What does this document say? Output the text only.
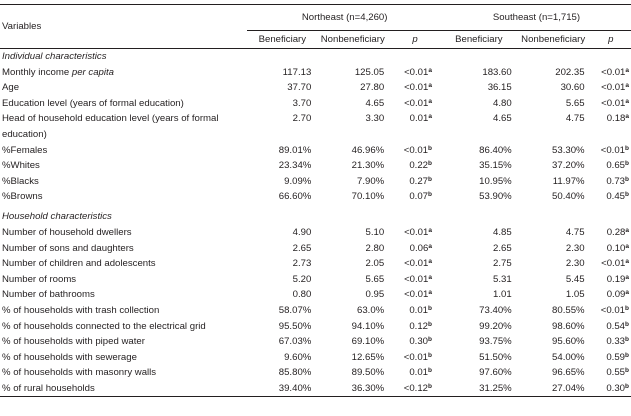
Variables	Northeast (n=4,260)			Southeast (n=1,715)		
	Beneficiary	Nonbeneficiary	p	Beneficiary	Nonbeneficiary	p
Individual characteristics						
Monthly income per capita	117.13	125.05	<0.01$^a$	183.60	202.35	<0.01$^a$
Age	37.70	27.80	<0.01$^a$	36.15	30.60	<0.01$^a$
Education level (years of formal education)	3.70	4.65	<0.01$^a$	4.80	5.65	<0.01$^a$
Head of household education level (years of formal
education)	2.70	3.30	0.01$^a$	4.65	4.75	0.18$^a$
%Females	89.01%	46.96%	<0.01$^b$	86.40%	53.30%	<0.01$^b$
%Whites	23.34%	21.30%	0.22$^b$	35.15%	37.20%	0.65$^b$
%Blacks	9.09%	7.90%	0.27$^b$	10.95%	11.97%	0.73$^b$
%Browns	66.60%	70.10%	0.07$^b$	53.90%	50.40%	0.45$^b$
Household characteristics						
Number of household dwellers	4.90	5.10	<0.01$^a$	4.85	4.75	0.28$^a$
Number of sons and daughters	2.65	2.80	0.06$^a$	2.65	2.30	0.10$^a$
Number of children and adolescents	2.73	2.05	<0.01$^a$	2.75	2.30	<0.01$^a$
Number of rooms	5.20	5.65	<0.01$^a$	5.31	5.45	0.19$^a$
Number of bathrooms	0.80	0.95	<0.01$^a$	1.01	1.05	0.09$^a$
% of households with trash collection	58.07%	63.0%	0.01$^b$	73.40%	80.55%	<0.01$^b$
% of households connected to the electrical grid	95.50%	94.10%	0.12$^b$	99.20%	98.60%	0.54$^b$
% of households with piped water	67.03%	69.10%	0.30$^b$	93.75%	95.60%	0.33$^b$
% of households with sewerage	9.60%	12.65%	<0.01$^b$	51.50%	54.00%	0.59$^b$
% of households with masonry walls	85.80%	89.50%	0.01$^b$	97.60%	96.65%	0.55$^b$
% of rural households	39.40%	36.30%	<0.12$^b$	31.25%	27.04%	0.30$^b$
